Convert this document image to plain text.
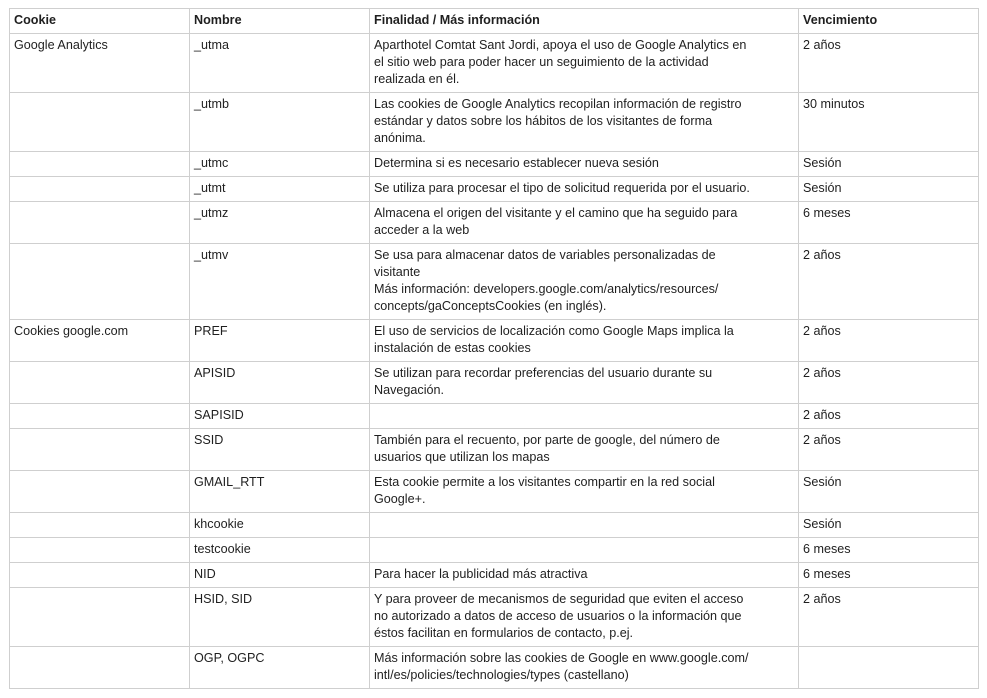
Cookie	Nombre	Finalidad / Más información	Vencimiento
Google Analytics	_utma	Aparthotel Comtat Sant Jordi, apoya el uso de Google Analytics en
el sitio web para poder hacer un seguimiento de la actividad
realizada en él.	2 años
	_utmb	Las cookies de Google Analytics recopilan información de registro
estándar y datos sobre los hábitos de los visitantes de forma
anónima.	30 minutos
	_utmc	Determina si es necesario establecer nueva sesión	Sesión
	_utmt	Se utiliza para procesar el tipo de solicitud requerida por el usuario.	Sesión
	_utmz	Almacena el origen del visitante y el camino que ha seguido para
acceder a la web	6 meses
	_utmv	Se usa para almacenar datos de variables personalizadas de
visitante
Más información: developers.google.com/analytics/resources/
concepts/gaConceptsCookies (en inglés).	2 años
Cookies google.com	PREF	El uso de servicios de localización como Google Maps implica la
instalación de estas cookies	2 años
	APISID	Se utilizan para recordar preferencias del usuario durante su
Navegación.	2 años
	SAPISID		2 años
	SSID	También para el recuento, por parte de google, del número de
usuarios que utilizan los mapas	2 años
	GMAIL_RTT	Esta cookie permite a los visitantes compartir en la red social
Google+.	Sesión
	khcookie		Sesión
	testcookie		6 meses
	NID	Para hacer la publicidad más atractiva	6 meses
	HSID, SID	Y para proveer de mecanismos de seguridad que eviten el acceso
no autorizado a datos de acceso de usuarios o la información que
éstos facilitan en formularios de contacto, p.ej.	2 años
	OGP, OGPC	Más información sobre las cookies de Google en www.google.com/
intl/es/policies/technologies/types (castellano)	
